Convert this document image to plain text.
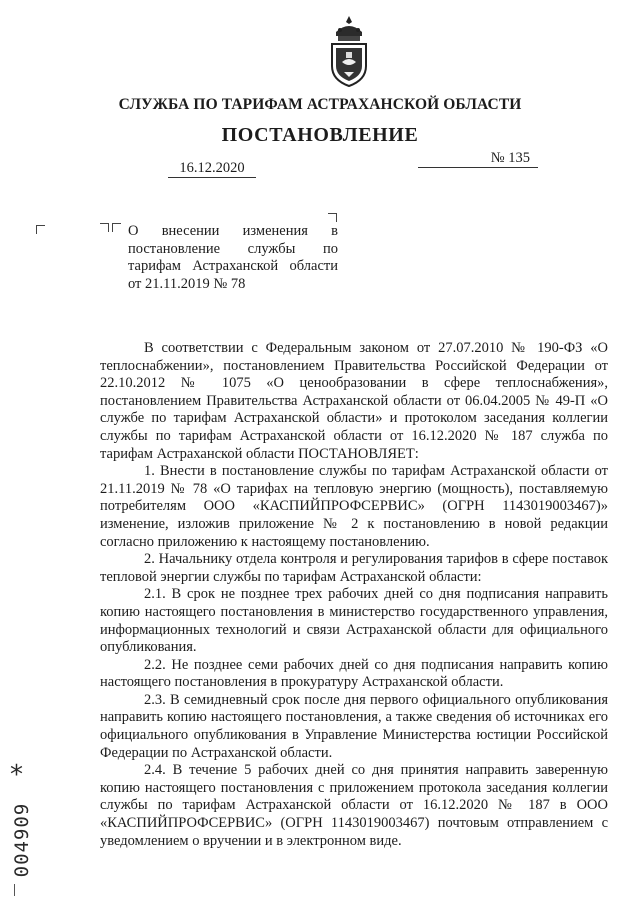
СЛУЖБА ПО ТАРИФАМ АСТРАХАНСКОЙ ОБЛАСТИ
ПОСТАНОВЛЕНИЕ
16.12.2020
№ 135
О внесении изменения в
постановление службы по
тарифам Астраханской области
от 21.11.2019 № 78

В соответствии с Федеральным законом от 27.07.2010 № 190-ФЗ «О теплоснабжении», постановлением Правительства Российской Федерации от 22.10.2012 № 1075 «О ценообразовании в сфере теплоснабжения», постановлением Правительства Астраханской области от 06.04.2005 № 49-П «О службе по тарифам Астраханской области» и протоколом заседания коллегии службы по тарифам Астраханской области от 16.12.2020 № 187 служба по тарифам Астраханской области ПОСТАНОВЛЯЕТ:

1. Внести в постановление службы по тарифам Астраханской области от 21.11.2019 № 78 «О тарифах на тепловую энергию (мощность), поставляемую потребителям ООО «КАСПИЙПРОФСЕРВИС» (ОГРН 1143019003467)» изменение, изложив приложение № 2 к постановлению в новой редакции согласно приложению к настоящему постановлению.

2. Начальнику отдела контроля и регулирования тарифов в сфере поставок тепловой энергии службы по тарифам Астраханской области:

2.1. В срок не позднее трех рабочих дней со дня подписания направить копию настоящего постановления в министерство государственного управления, информационных технологий и связи Астраханской области для официального опубликования.

2.2. Не позднее семи рабочих дней со дня подписания направить копию настоящего постановления в прокуратуру Астраханской области.

2.3. В семидневный срок после дня первого официального опубликования направить копию настоящего постановления, а также сведения об источниках его официального опубликования в Управление Министерства юстиции Российской Федерации по Астраханской области.

2.4. В течение 5 рабочих дней со дня принятия направить заверенную копию настоящего постановления с приложением протокола заседания коллегии службы по тарифам Астраханской области от 16.12.2020 № 187 в ООО «КАСПИЙПРОФСЕРВИС» (ОГРН 1143019003467) почтовым отправлением с уведомлением о вручении и в электронном виде.

*
004909
